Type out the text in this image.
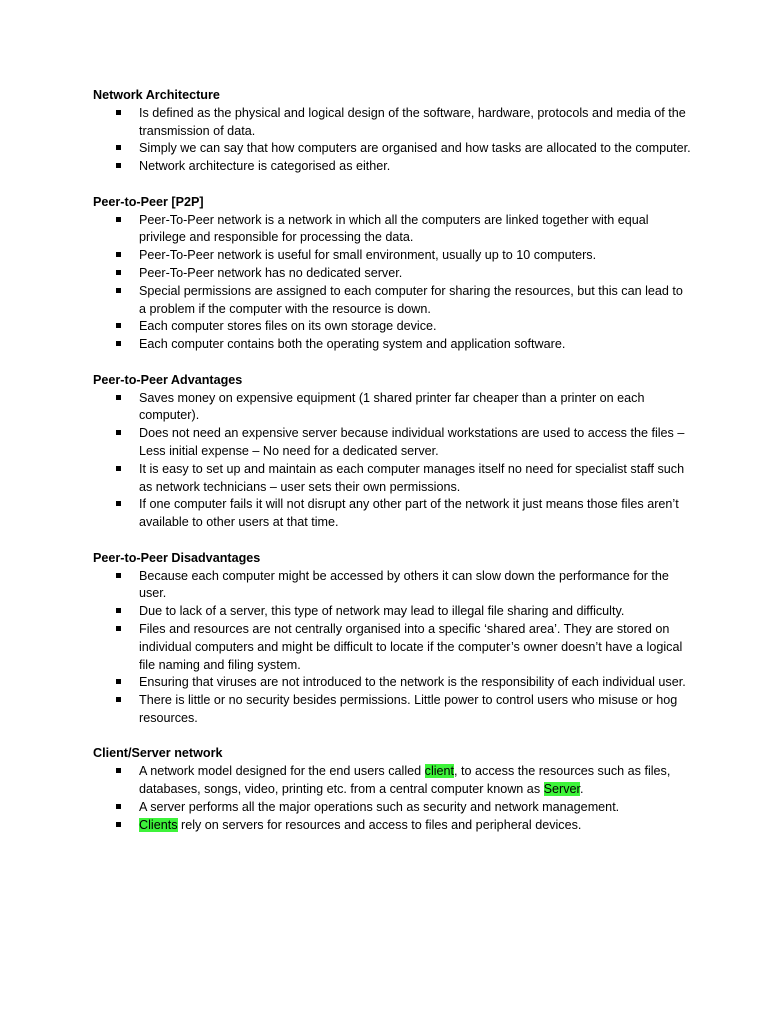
Network Architecture
Is defined as the physical and logical design of the software, hardware, protocols and media of the transmission of data.
Simply we can say that how computers are organised and how tasks are allocated to the computer.
Network architecture is categorised as either.
Peer-to-Peer [P2P]
Peer-To-Peer network is a network in which all the computers are linked together with equal privilege and responsible for processing the data.
Peer-To-Peer network is useful for small environment, usually up to 10 computers.
Peer-To-Peer network has no dedicated server.
Special permissions are assigned to each computer for sharing the resources, but this can lead to a problem if the computer with the resource is down.
Each computer stores files on its own storage device.
Each computer contains both the operating system and application software.
Peer-to-Peer Advantages
Saves money on expensive equipment (1 shared printer far cheaper than a printer on each computer).
Does not need an expensive server because individual workstations are used to access the files – Less initial expense – No need for a dedicated server.
It is easy to set up and maintain as each computer manages itself no need for specialist staff such as network technicians – user sets their own permissions.
If one computer fails it will not disrupt any other part of the network it just means those files aren’t available to other users at that time.
Peer-to-Peer Disadvantages
Because each computer might be accessed by others it can slow down the performance for the user.
Due to lack of a server, this type of network may lead to illegal file sharing and difficulty.
Files and resources are not centrally organised into a specific ‘shared area’. They are stored on individual computers and might be difficult to locate if the computer’s owner doesn’t have a logical file naming and filing system.
Ensuring that viruses are not introduced to the network is the responsibility of each individual user.
There is little or no security besides permissions. Little power to control users who misuse or hog resources.
Client/Server network
A network model designed for the end users called client, to access the resources such as files, databases, songs, video, printing etc. from a central computer known as Server.
A server performs all the major operations such as security and network management.
Clients rely on servers for resources and access to files and peripheral devices.
